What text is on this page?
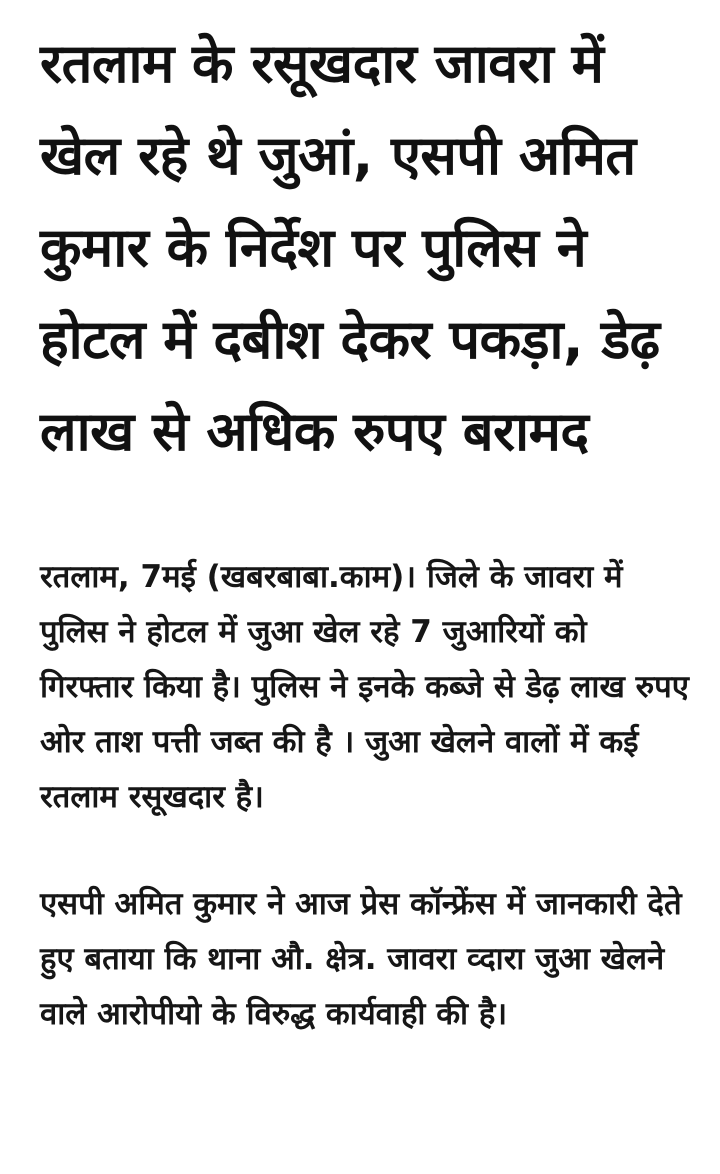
रतलाम के रसूखदार जावरा में खेल रहे थे जुआं, एसपी अमित कुमार के निर्देश पर पुलिस ने होटल में दबीश देकर पकड़ा, डेढ़ लाख से अधिक रुपए बरामद

रतलाम, 7मई (खबरबाबा.काम)। जिले के जावरा में पुलिस ने होटल में जुआ खेल रहे 7 जुआरियों को गिरफ्तार किया है। पुलिस ने इनके कब्जे से डेढ़ लाख रुपए ओर ताश पत्ती जब्त की है । जुआ खेलने वालों में कई रतलाम रसूखदार है।

एसपी अमित कुमार ने आज प्रेस कॉन्फ्रेंस में जानकारी देते हुए बताया कि थाना औ. क्षेत्र. जावरा व्दारा जुआ खेलने वाले आरोपीयो के विरुद्ध कार्यवाही की है।
